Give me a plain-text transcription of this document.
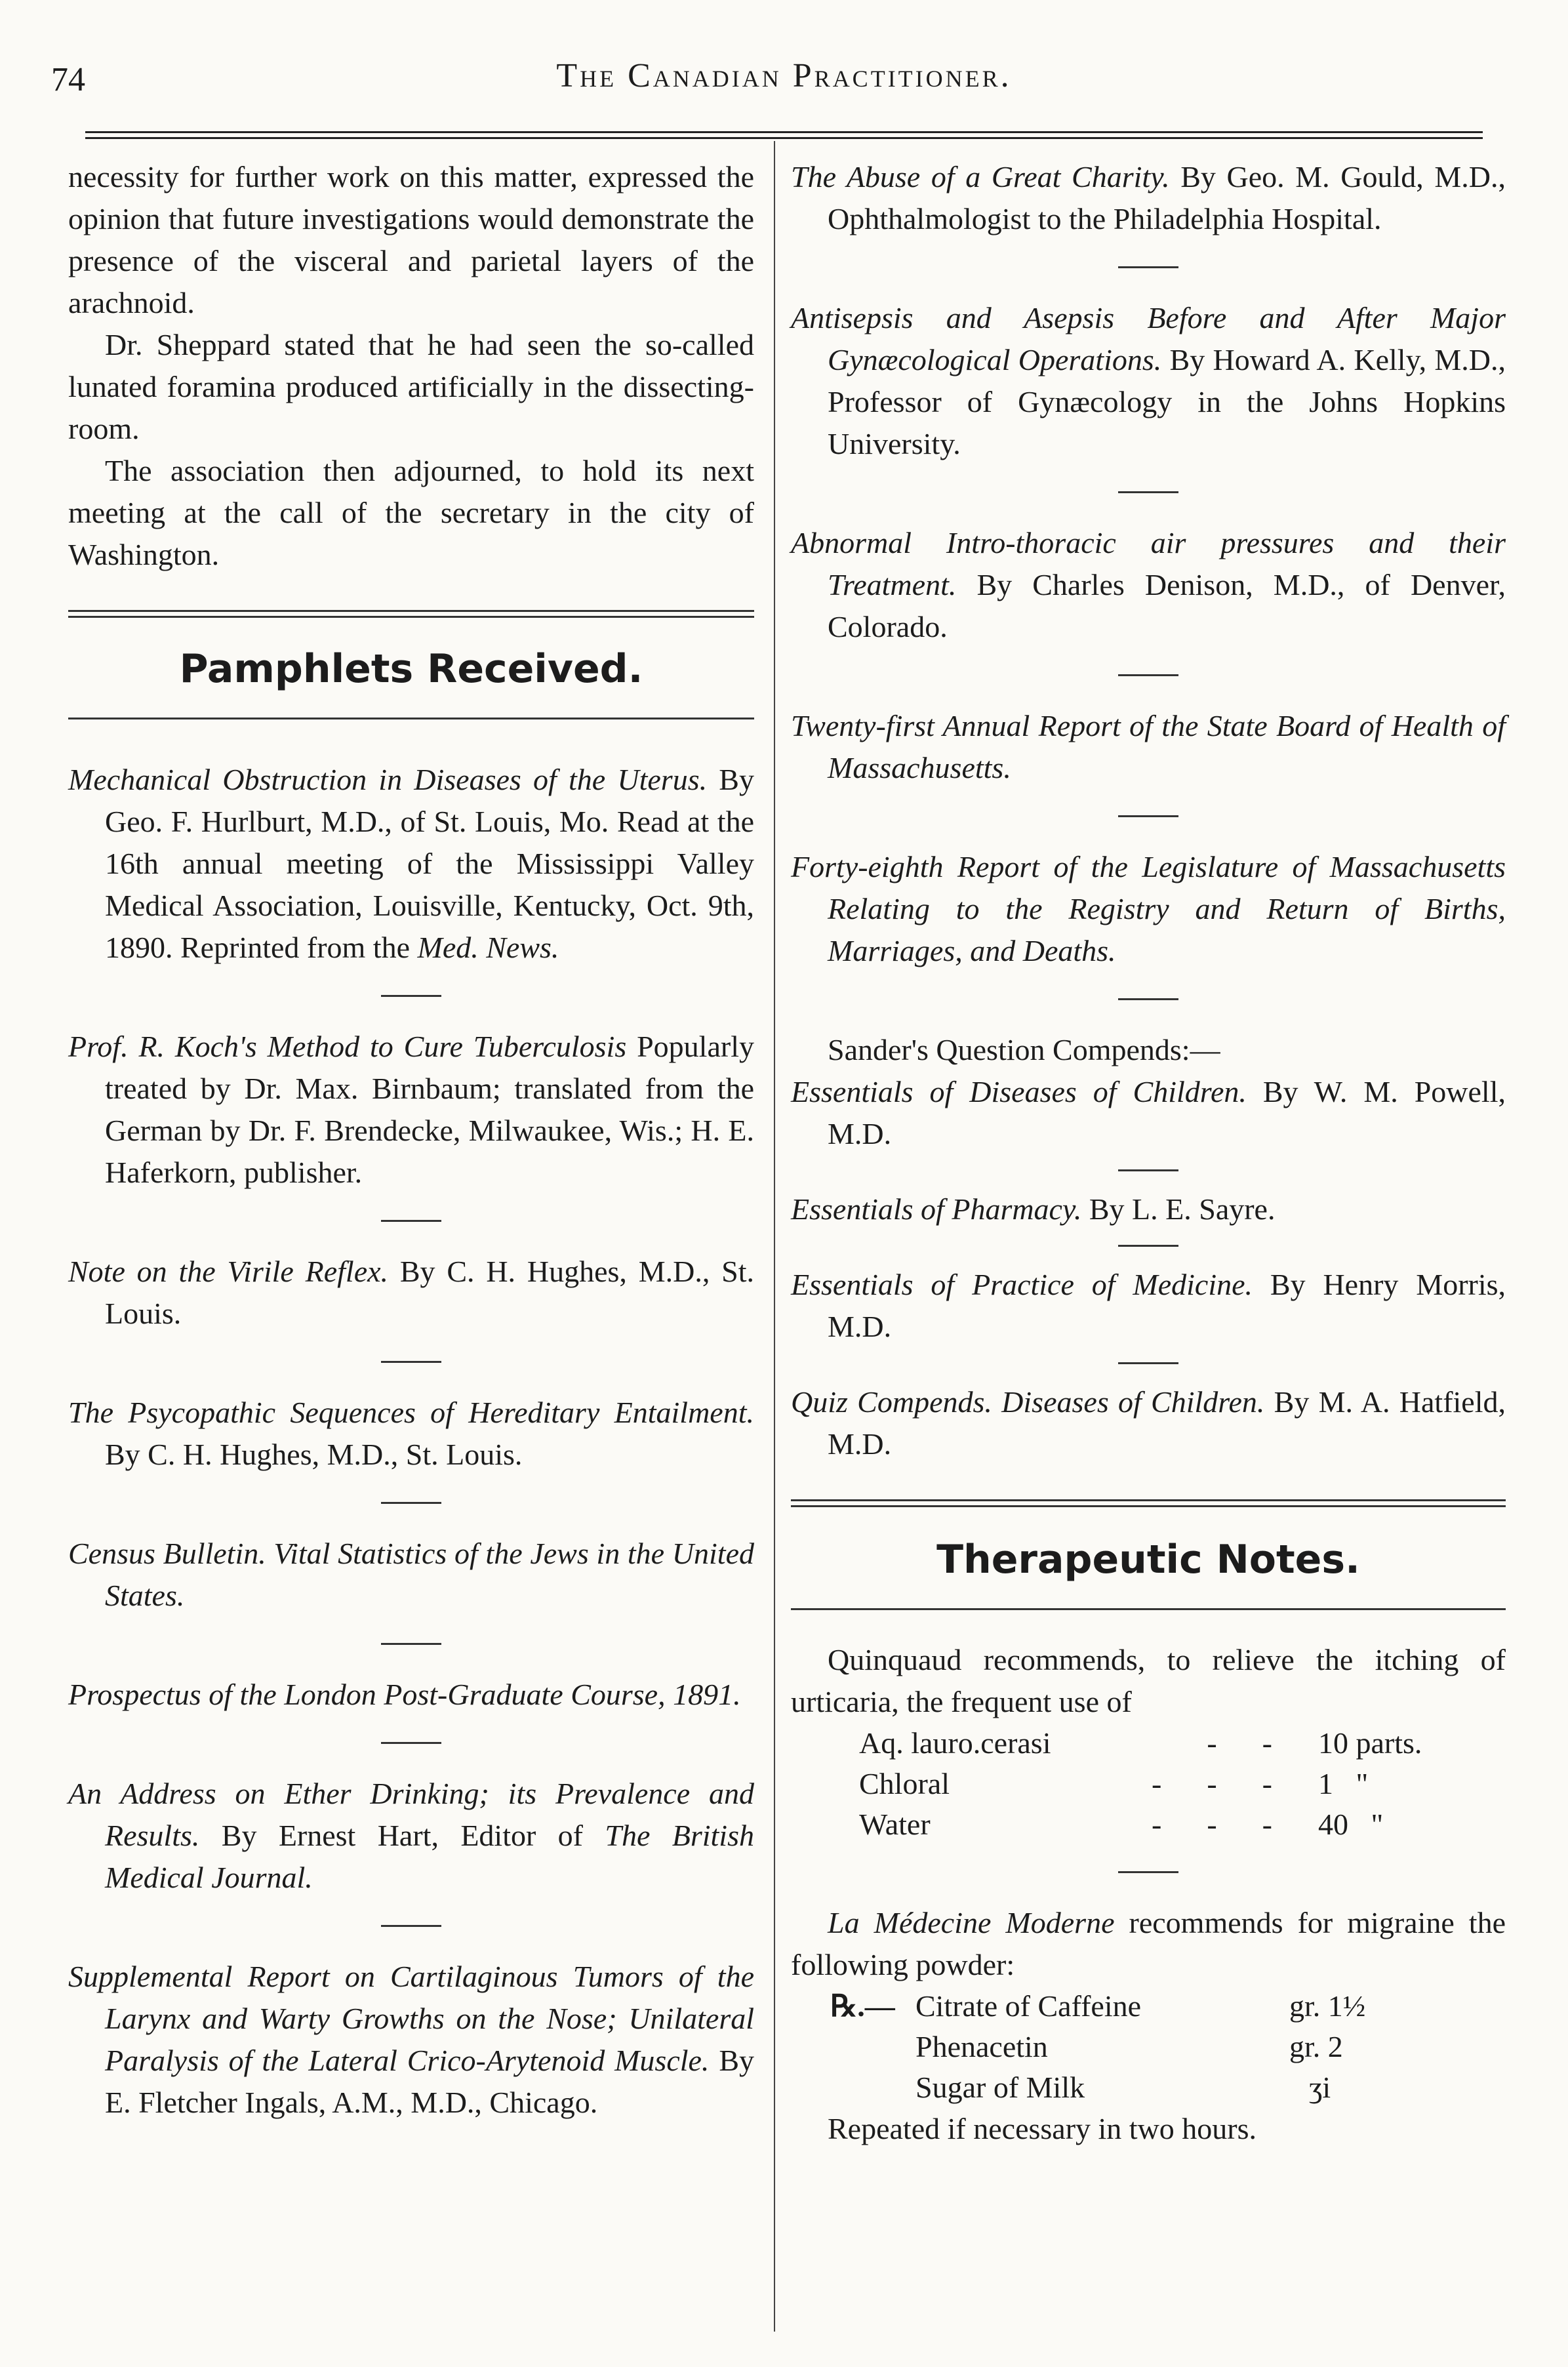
74	The Canadian Practitioner.

necessity for further work on this matter, expressed the opinion that future investigations would demonstrate the presence of the visceral and parietal layers of the arachnoid.

Dr. Sheppard stated that he had seen the so-called lunated foramina produced artificially in the dissecting-room.

The association then adjourned, to hold its next meeting at the call of the secretary in the city of Washington.

Pamphlets Received.

Mechanical Obstruction in Diseases of the Uterus. By Geo. F. Hurlburt, M.D., of St. Louis, Mo. Read at the 16th annual meeting of the Mississippi Valley Medical Association, Louisville, Kentucky, Oct. 9th, 1890. Reprinted from the Med. News.

Prof. R. Koch's Method to Cure Tuberculosis Popularly treated by Dr. Max. Birnbaum; translated from the German by Dr. F. Brendecke, Milwaukee, Wis.; H. E. Haferkorn, publisher.

Note on the Virile Reflex. By C. H. Hughes, M.D., St. Louis.

The Psycopathic Sequences of Hereditary Entailment. By C. H. Hughes, M.D., St. Louis.

Census Bulletin. Vital Statistics of the Jews in the United States.

Prospectus of the London Post-Graduate Course, 1891.

An Address on Ether Drinking; its Prevalence and Results. By Ernest Hart, Editor of The British Medical Journal.

Supplemental Report on Cartilaginous Tumors of the Larynx and Warty Growths on the Nose; Unilateral Paralysis of the Lateral Crico-Arytenoid Muscle. By E. Fletcher Ingals, A.M., M.D., Chicago.

The Abuse of a Great Charity. By Geo. M. Gould, M.D., Ophthalmologist to the Philadelphia Hospital.

Antisepsis and Asepsis Before and After Major Gynæcological Operations. By Howard A. Kelly, M.D., Professor of Gynæcology in the Johns Hopkins University.

Abnormal Intro-thoracic air pressures and their Treatment. By Charles Denison, M.D., of Denver, Colorado.

Twenty-first Annual Report of the State Board of Health of Massachusetts.

Forty-eighth Report of the Legislature of Massachusetts Relating to the Registry and Return of Births, Marriages, and Deaths.

Sander's Question Compends:—

Essentials of Diseases of Children. By W. M. Powell, M.D.

Essentials of Pharmacy. By L. E. Sayre.

Essentials of Practice of Medicine. By Henry Morris, M.D.

Quiz Compends. Diseases of Children. By M. A. Hatfield, M.D.

Therapeutic Notes.

Quinquaud recommends, to relieve the itching of urticaria, the frequent use of

Aq. lauro.cerasi	-      -	10 parts.
Chloral	-      -      -	1   "
Water	-      -      -	40   "

La Médecine Moderne recommends for migraine the following powder:

℞.—	Citrate of Caffeine	gr. 1½
	Phenacetin	gr. 2
	Sugar of Milk	ʒi

Repeated if necessary in two hours.
